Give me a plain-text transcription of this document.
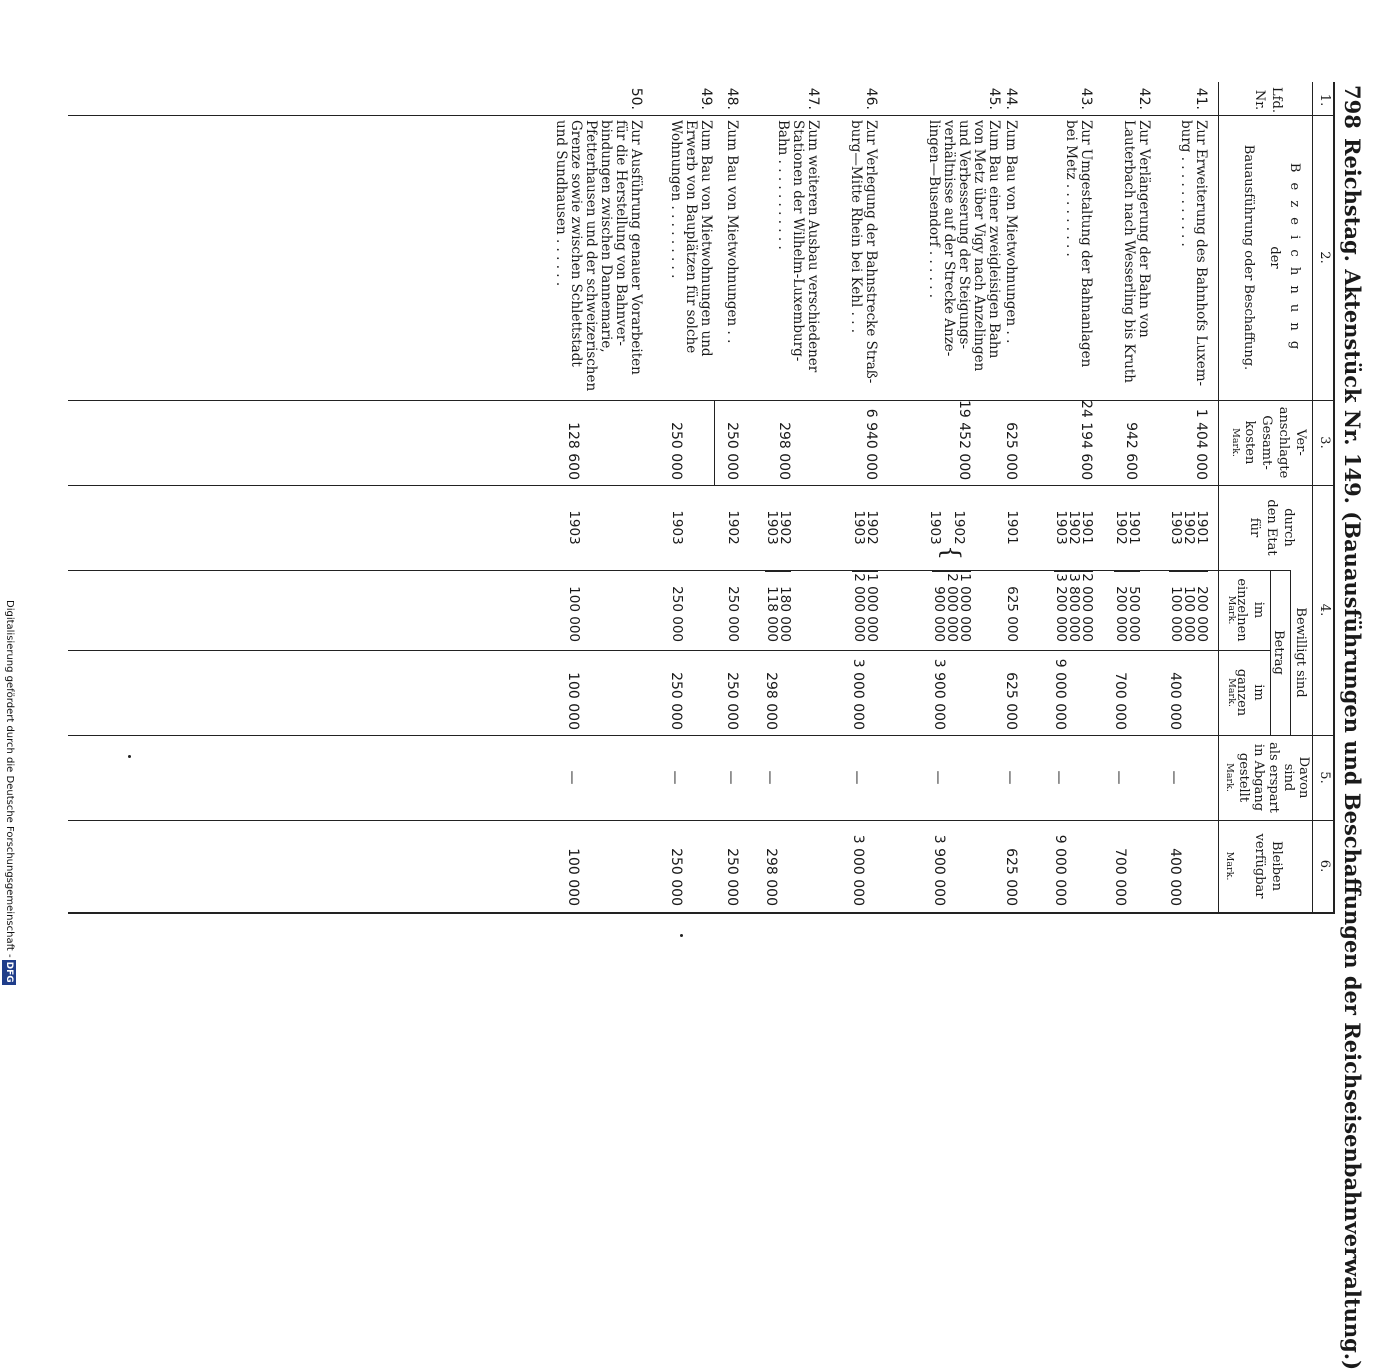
798
Reichstag. Aktenstück Nr. 149. (Bauausführungen und Beschaffungen der Reichseisenbahnverwaltung.)
1.
2.
3.
4.
5.
6.
Lfd.
Nr.
B e z e i c h n u n g
der
Bauausführung oder Beschaffung.
Ver-
anschlagte
Gesamt-
kosten
Mark.
Bewilligt sind
durch
den Etat
für
Betrag
im
einzelnen
Mark.
im
ganzen
Mark.
Davon
sind
als erspart
in Abgang
gestellt
Mark.
Bleiben
verfügbar
Mark.
41.
Zur Erweiterung des Bahnhofs Luxem-
burg . . . . . . . . . . .
1 404 000
1901
1902
1903
200 000
100 000
100 000
400 000
—
400 000
42.
Zur Verlängerung der Bahn von
Lauterbach nach Wesserling bis Kruth
942 600
1901
1902
500 000
200 000
700 000
—
700 000
43.
Zur Umgestaltung der Bahnanlagen
bei Metz . . . . . . . . .
24 194 600
1901
1902
1903
2 000 000
3 800 000
3 200 000
9 000 000
—
9 000 000
44.
Zum Bau von Mietwohnungen . .
625 000
1901
625 000
625 000
—
625 000
45.
Zum Bau einer zweigleisigen Bahn
von Metz über Vigy nach Anzelingen
und Verbesserung der Steigungs-
verhältnisse auf der Strecke Anze-
lingen—Busendorf . . . . . .
19 452 000
1902
1903
{
1 000 000
2 000 000
900 000
3 900 000
—
3 900 000
46.
Zur Verlegung der Bahnstrecke Straß-
burg—Mitte Rhein bei Kehl . . .
6 940 000
1902
1903
1 000 000
2 000 000
3 000 000
—
3 000 000
47.
Zum weiteren Ausbau verschiedener
Stationen der Wilhelm-Luxemburg-
Bahn . . . . . . . . . . .
298 000
1902
1903
180 000
118 000
298 000
—
298 000
48.
Zum Bau von Mietwohnungen . .
250 000
1902
250 000
250 000
—
250 000
49.
Zum Bau von Mietwohnungen und
Erwerb von Bauplätzen für solche
Wohnungen . . . . . . . . .
250 000
1903
250 000
250 000
—
250 000
50.
Zur Ausführung genauer Vorarbeiten
für die Herstellung von Bahnver-
bindungen zwischen Dannemarie,
Pfetterhausen und der schweizerischen
Grenze sowie zwischen Schlettstadt
und Sundhausen . . . . . .
128 600
1903
100 000
100 000
—
100 000
Digitalisierung gefördert durch die Deutsche Forschungsgemeinschaft -DFG
